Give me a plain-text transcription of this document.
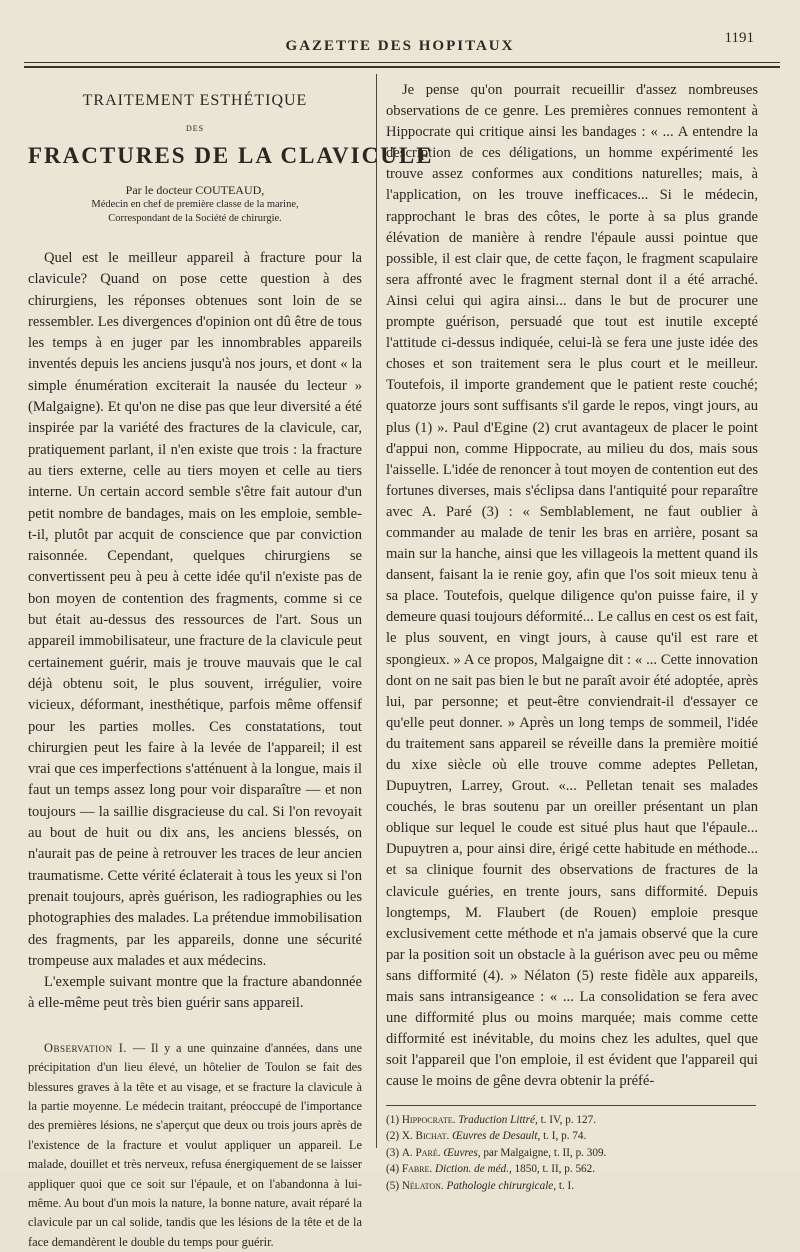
GAZETTE DES HOPITAUX	1191
TRAITEMENT ESTHÉTIQUE
DES
FRACTURES DE LA CLAVICULE
Par le docteur COUTEAUD,
Médecin en chef de première classe de la marine,
Correspondant de la Société de chirurgie.

Quel est le meilleur appareil à fracture pour la clavicule? Quand on pose cette question à des chirurgiens, les réponses obtenues sont loin de se ressembler. Les divergences d'opinion ont dû être de tous les temps à en juger par les innombrables appareils inventés depuis les anciens jusqu'à nos jours, et dont « la simple énumération exciterait la nausée du lecteur » (Malgaigne). Et qu'on ne dise pas que leur diversité a été inspirée par la variété des fractures de la clavicule, car, pratiquement parlant, il n'en existe que trois : la fracture au tiers externe, celle au tiers moyen et celle au tiers interne. Un certain accord semble s'être fait autour d'un petit nombre de bandages, mais on les emploie, semble-t-il, plutôt par acquit de conscience que par conviction raisonnée. Cependant, quelques chirurgiens se convertissent peu à peu à cette idée qu'il n'existe pas de bon moyen de contention des fragments, comme si ce but était au-dessus des ressources de l'art. Sous un appareil immobilisateur, une fracture de la clavicule peut certainement guérir, mais je trouve mauvais que le cal déjà obtenu soit, le plus souvent, irrégulier, voire vicieux, déformant, inesthétique, parfois même offensif pour les parties molles. Ces constatations, tout chirurgien peut les faire à la levée de l'appareil; il est vrai que ces imperfections s'atténuent à la longue, mais il faut un temps assez long pour voir disparaître — et non toujours — la saillie disgracieuse du cal. Si l'on revoyait au bout de huit ou dix ans, les anciens blessés, on n'aurait pas de peine à retrouver les traces de leur ancien traumatisme. Cette vérité éclaterait à tous les yeux si l'on prenait toujours, après guérison, les radiographies ou les photographies des malades. La prétendue immobilisation des fragments, par les appareils, donne une sécurité trompeuse aux malades et aux médecins.

L'exemple suivant montre que la fracture abandonnée à elle-même peut très bien guérir sans appareil.

Observation I. — Il y a une quinzaine d'années, dans une précipitation d'un lieu élevé, un hôtelier de Toulon se fait des blessures graves à la tête et au visage, et se fracture la clavicule à la partie moyenne. Le médecin traitant, préoccupé de l'importance des premières lésions, ne s'aperçut que deux ou trois jours après de l'existence de la fracture et voulut appliquer un appareil. Le malade, douillet et très nerveux, refusa énergiquement de se laisser appliquer quoi que ce soit sur l'épaule, et on l'abandonna à lui-même. Au bout d'un mois la nature, la bonne nature, avait réparé la clavicule par un cal solide, tandis que les lésions de la tête et de la face demandèrent le double du temps pour guérir.

Je pense qu'on pourrait recueillir d'assez nombreuses observations de ce genre. Les premières connues remontent à Hippocrate qui critique ainsi les bandages : « ... A entendre la description de ces déligations, un homme expérimenté les trouve assez conformes aux conditions naturelles; mais, à l'application, on les trouve inefficaces... Si le médecin, rapprochant le bras des côtes, le porte à sa plus grande élévation de manière à rendre l'épaule aussi pointue que possible, il est clair que, de cette façon, le fragment scapulaire sera affronté avec le fragment sternal dont il a été arraché. Ainsi celui qui agira ainsi... dans le but de procurer une prompte guérison, persuadé que tout est inutile excepté l'attitude ci-dessus indiquée, celui-là se fera une juste idée des choses et son traitement sera le plus court et le meilleur. Toutefois, il importe grandement que le patient reste couché; quatorze jours sont suffisants s'il garde le repos, vingt jours, au plus (1) ». Paul d'Egine (2) crut avantageux de placer le point d'appui non, comme Hippocrate, au milieu du dos, mais sous l'aisselle. L'idée de renoncer à tout moyen de contention eut des fortunes diverses, mais s'éclipsa dans l'antiquité pour reparaître avec A. Paré (3) : « Semblablement, ne faut oublier à commander au malade de tenir les bras en arrière, posant sa main sur la hanche, ainsi que les villageois la mettent quand ils dansent, faisant la ie renie goy, afin que l'os soit mieux tenu à sa place. Toutefois, quelque diligence qu'on puisse faire, il y demeure quasi toujours déformité... Le callus en cest os est fait, le plus souvent, en vingt jours, à cause qu'il est rare et spongieux. » A ce propos, Malgaigne dit : « ... Cette innovation dont on ne sait pas bien le but ne paraît avoir été adoptée, après lui, par personne; et peut-être conviendrait-il d'essayer ce qu'elle peut donner. » Après un long temps de sommeil, l'idée du traitement sans appareil se réveille dans la première moitié du xixe siècle où elle trouve comme adeptes Pelletan, Dupuytren, Larrey, Grout. «... Pelletan tenait ses malades couchés, le bras soutenu par un oreiller présentant un plan oblique sur lequel le coude est situé plus haut que l'épaule... Dupuytren a, pour ainsi dire, érigé cette habitude en méthode... et sa clinique fournit des observations de fractures de la clavicule guéries, en trente jours, sans difformité. Depuis longtemps, M. Flaubert (de Rouen) emploie presque exclusivement cette méthode et n'a jamais observé que la cure par la position soit un obstacle à la guérison avec peu ou même sans difformité (4). » Nélaton (5) reste fidèle aux appareils, mais sans intransigeance : « ... La consolidation se fera avec une difformité plus ou moins marquée; mais comme cette difformité est inévitable, du moins chez les adultes, quel que soit l'appareil que l'on emploie, il est évident que l'appareil qui cause le moins de gêne devra obtenir la préfé-

(1) Hippocrate. Traduction Littré, t. IV, p. 127.
(2) X. Bichat. Œuvres de Desault, t. I, p. 74.
(3) A. Paré. Œuvres, par Malgaigne, t. II, p. 309.
(4) Fabre. Diction. de méd., 1850, t. II, p. 562.
(5) Nélaton. Pathologie chirurgicale, t. I.
